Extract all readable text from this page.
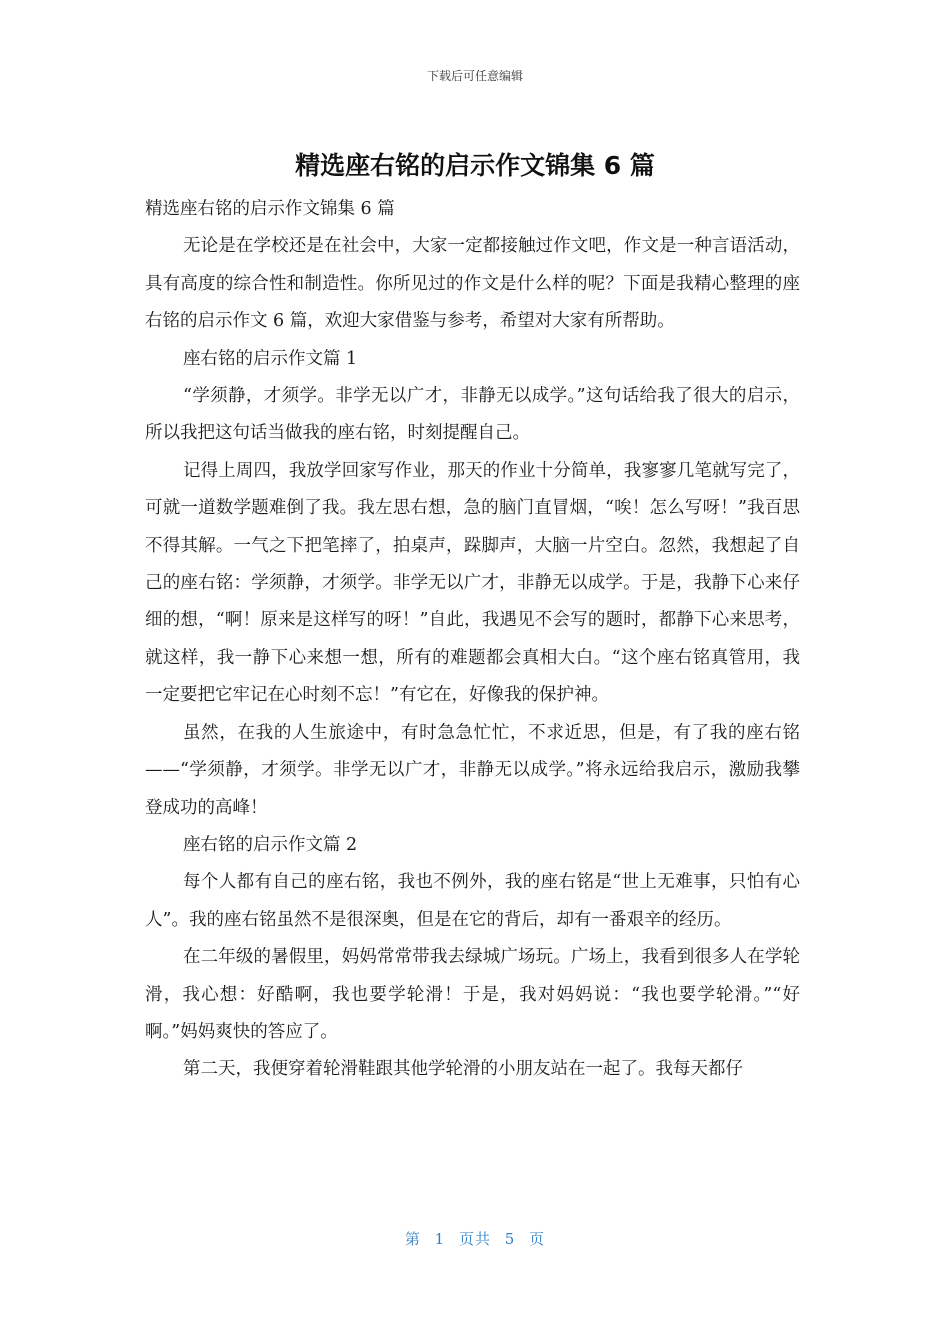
下载后可任意编辑
精选座右铭的启示作文锦集 6 篇

精选座右铭的启示作文锦集 6 篇

无论是在学校还是在社会中，大家一定都接触过作文吧，作文是一种言语活动，具有高度的综合性和制造性。你所见过的作文是什么样的呢？下面是我精心整理的座右铭的启示作文 6 篇，欢迎大家借鉴与参考，希望对大家有所帮助。

座右铭的启示作文篇 1

“学须静，才须学。非学无以广才，非静无以成学。”这句话给我了很大的启示，所以我把这句话当做我的座右铭，时刻提醒自己。

记得上周四，我放学回家写作业，那天的作业十分简单，我寥寥几笔就写完了，可就一道数学题难倒了我。我左思右想，急的脑门直冒烟，“唉！怎么写呀！”我百思不得其解。一气之下把笔摔了，拍桌声，跺脚声，大脑一片空白。忽然，我想起了自己的座右铭：学须静，才须学。非学无以广才，非静无以成学。于是，我静下心来仔细的想，“啊！原来是这样写的呀！”自此，我遇见不会写的题时，都静下心来思考，就这样，我一静下心来想一想，所有的难题都会真相大白。“这个座右铭真管用，我一定要把它牢记在心时刻不忘！”有它在，好像我的保护神。

虽然，在我的人生旅途中，有时急急忙忙，不求近思，但是，有了我的座右铭——“学须静，才须学。非学无以广才，非静无以成学。”将永远给我启示，激励我攀登成功的高峰！

座右铭的启示作文篇 2

每个人都有自己的座右铭，我也不例外，我的座右铭是“世上无难事，只怕有心人”。我的座右铭虽然不是很深奥，但是在它的背后，却有一番艰辛的经历。

在二年级的暑假里，妈妈常常带我去绿城广场玩。广场上，我看到很多人在学轮滑，我心想：好酷啊，我也要学轮滑！于是，我对妈妈说：“我也要学轮滑。”“好啊。”妈妈爽快的答应了。

第二天，我便穿着轮滑鞋跟其他学轮滑的小朋友站在一起了。我每天都仔

第 1 页共 5 页
